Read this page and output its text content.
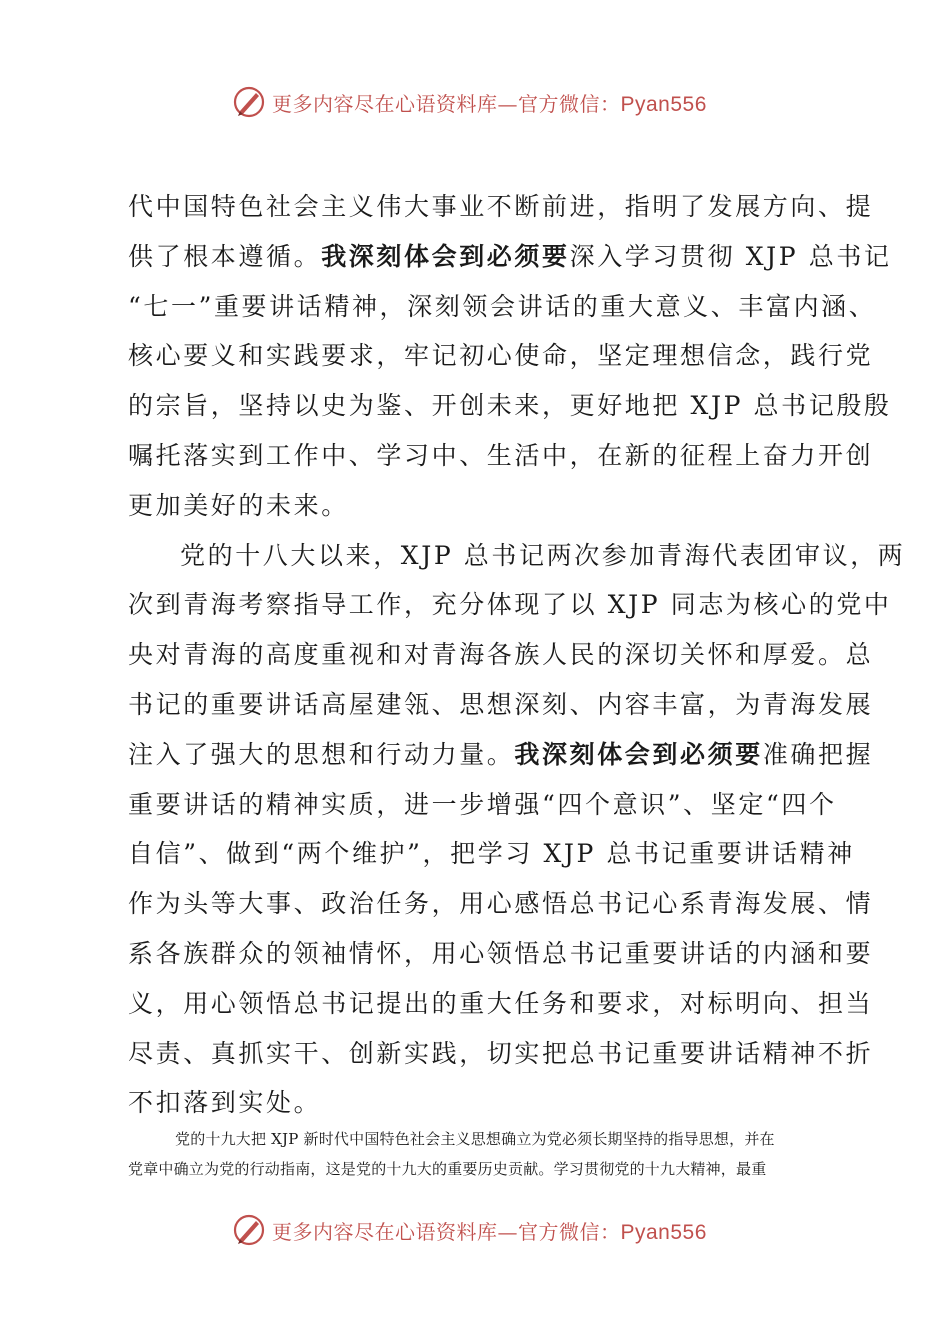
更多内容尽在心语资料库—官方微信：Pyan556
代中国特色社会主义伟大事业不断前进，指明了发展方向、提
供了根本遵循。我深刻体会到必须要深入学习贯彻 XJP 总书记
“七一”重要讲话精神，深刻领会讲话的重大意义、丰富内涵、
核心要义和实践要求，牢记初心使命，坚定理想信念，践行党
的宗旨，坚持以史为鉴、开创未来，更好地把 XJP 总书记殷殷
嘱托落实到工作中、学习中、生活中，在新的征程上奋力开创
更加美好的未来。
党的十八大以来，XJP 总书记两次参加青海代表团审议，两
次到青海考察指导工作，充分体现了以 XJP 同志为核心的党中
央对青海的高度重视和对青海各族人民的深切关怀和厚爱。总
书记的重要讲话高屋建瓴、思想深刻、内容丰富，为青海发展
注入了强大的思想和行动力量。我深刻体会到必须要准确把握
重要讲话的精神实质，进一步增强“四个意识”、坚定“四个
自信”、做到“两个维护”，把学习 XJP 总书记重要讲话精神
作为头等大事、政治任务，用心感悟总书记心系青海发展、情
系各族群众的领袖情怀，用心领悟总书记重要讲话的内涵和要
义，用心领悟总书记提出的重大任务和要求，对标明向、担当
尽责、真抓实干、创新实践，切实把总书记重要讲话精神不折
不扣落到实处。
党的十九大把 XJP 新时代中国特色社会主义思想确立为党必须长期坚持的指导思想，并在
党章中确立为党的行动指南，这是党的十九大的重要历史贡献。学习贯彻党的十九大精神，最重
更多内容尽在心语资料库—官方微信：Pyan556
